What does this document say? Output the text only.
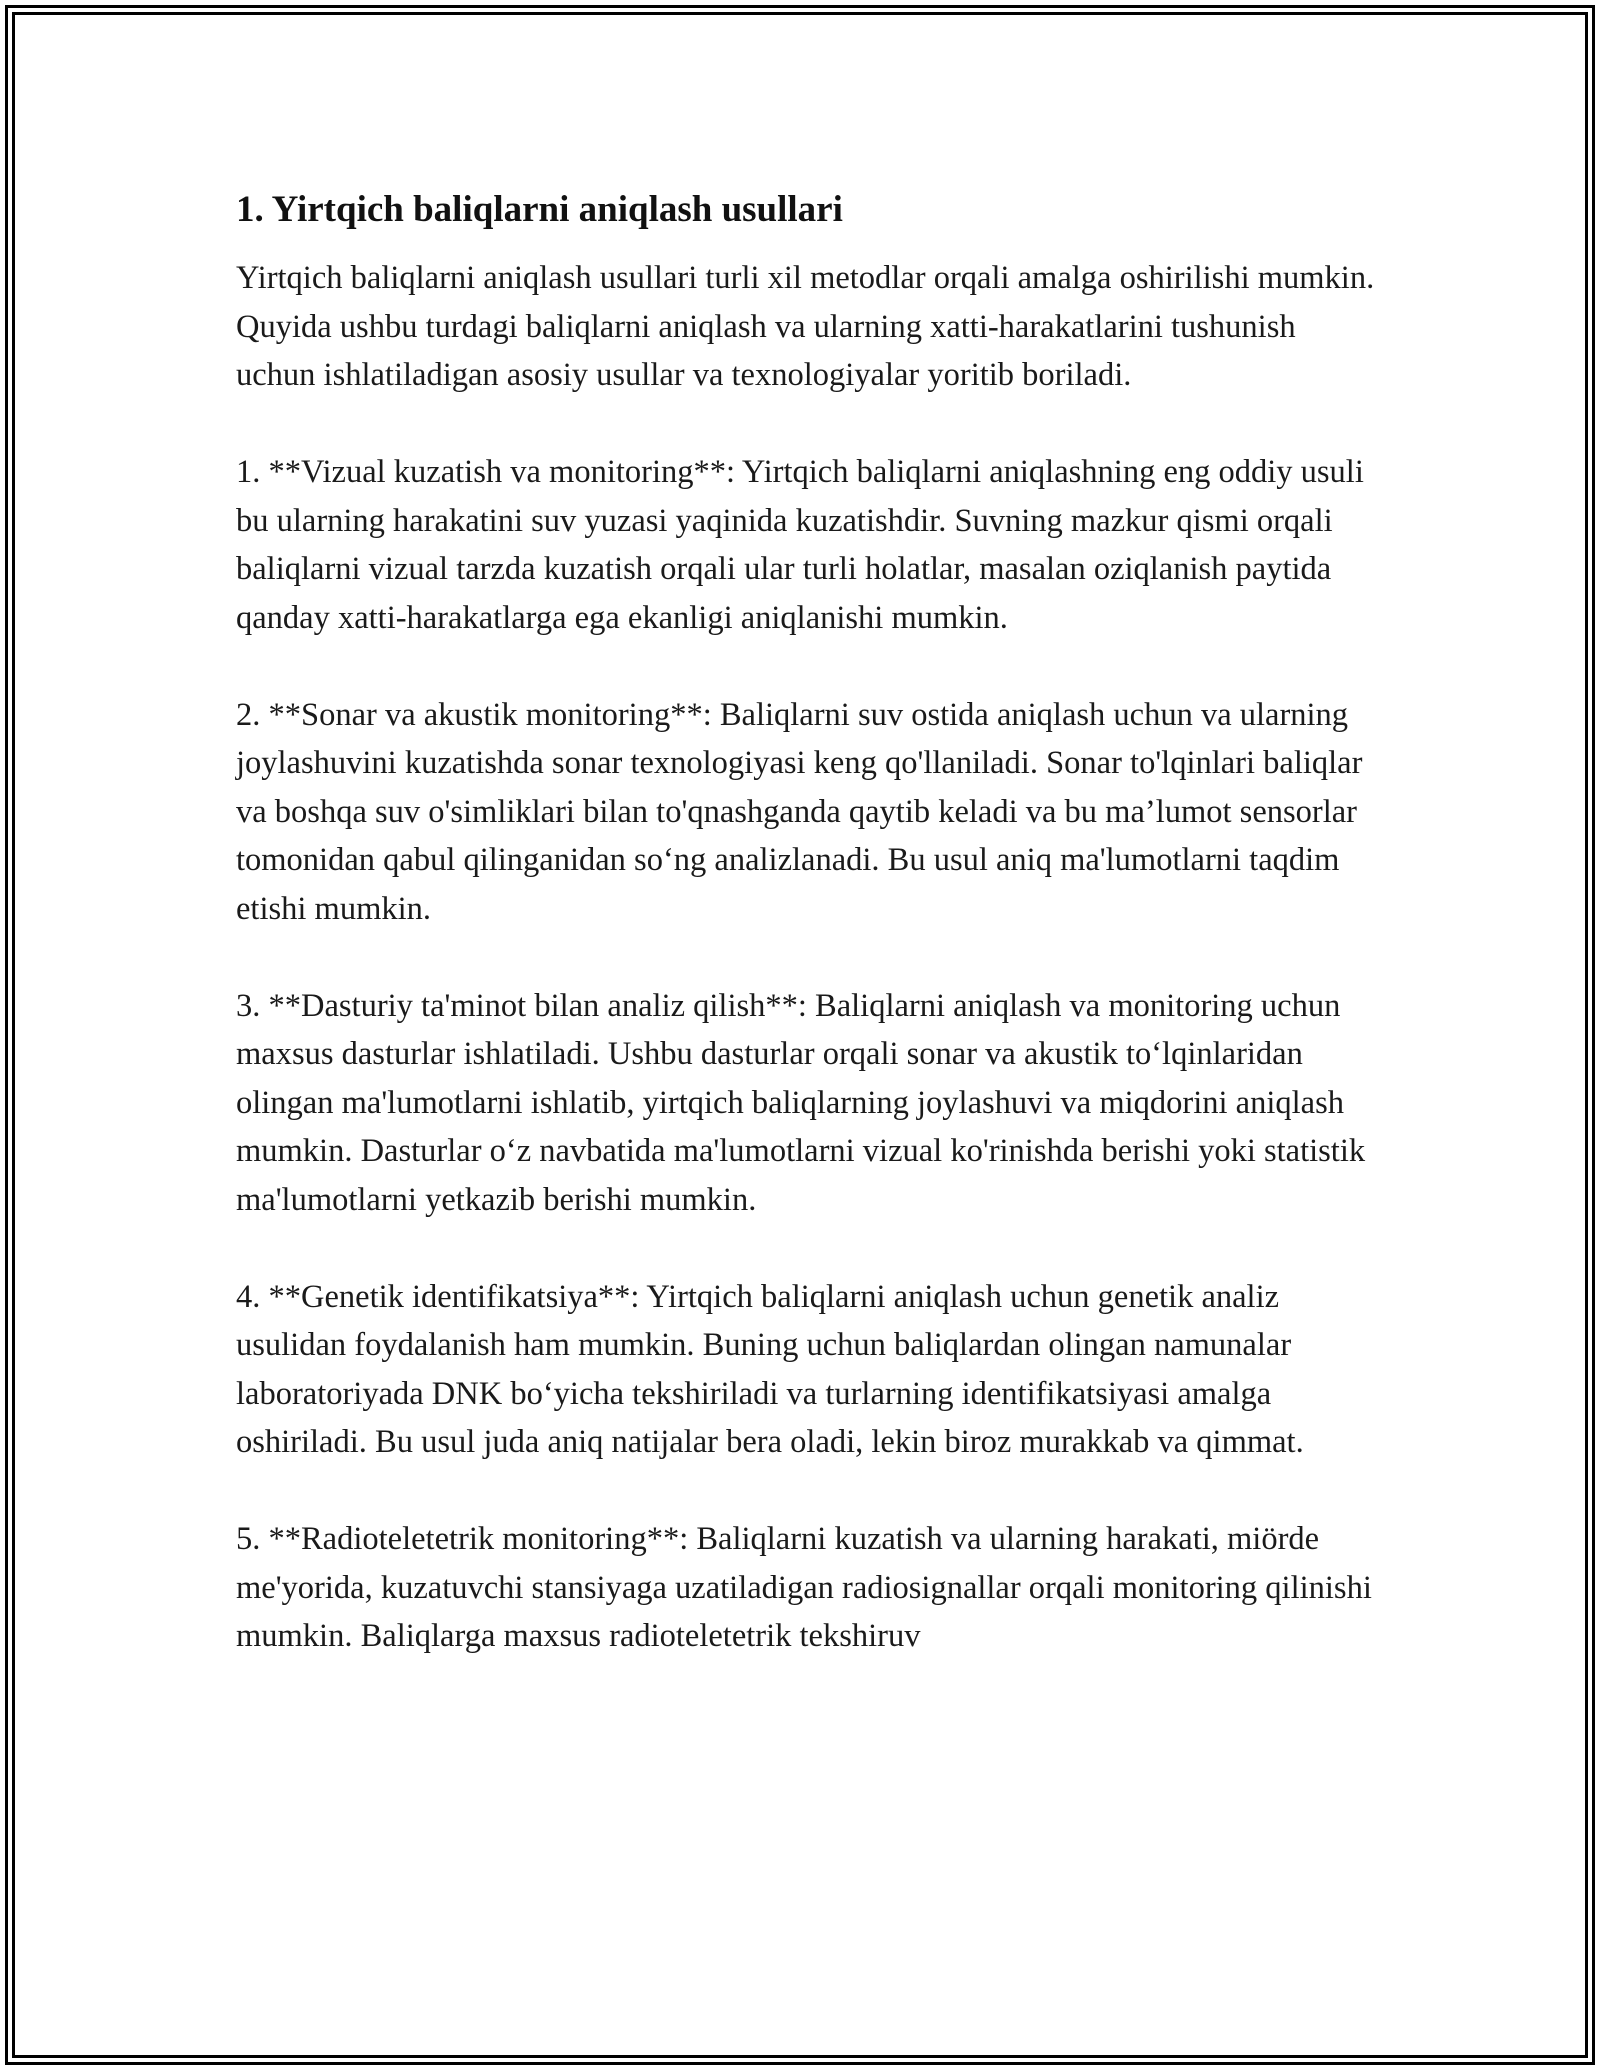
1. Yirtqich baliqlarni aniqlash usullari

Yirtqich baliqlarni aniqlash usullari turli xil metodlar orqali amalga oshirilishi mumkin. Quyida ushbu turdagi baliqlarni aniqlash va ularning xatti-harakatlarini tushunish uchun ishlatiladigan asosiy usullar va texnologiyalar yoritib boriladi.

1. **Vizual kuzatish va monitoring**: Yirtqich baliqlarni aniqlashning eng oddiy usuli bu ularning harakatini suv yuzasi yaqinida kuzatishdir. Suvning mazkur qismi orqali baliqlarni vizual tarzda kuzatish orqali ular turli holatlar, masalan oziqlanish paytida qanday xatti-harakatlarga ega ekanligi aniqlanishi mumkin.

2. **Sonar va akustik monitoring**: Baliqlarni suv ostida aniqlash uchun va ularning joylashuvini kuzatishda sonar texnologiyasi keng qo'llaniladi. Sonar to'lqinlari baliqlar va boshqa suv o'simliklari bilan to'qnashganda qaytib keladi va bu ma’lumot sensorlar tomonidan qabul qilinganidan so‘ng analizlanadi. Bu usul aniq ma'lumotlarni taqdim etishi mumkin.

3. **Dasturiy ta'minot bilan analiz qilish**: Baliqlarni aniqlash va monitoring uchun maxsus dasturlar ishlatiladi. Ushbu dasturlar orqali sonar va akustik to‘lqinlaridan olingan ma'lumotlarni ishlatib, yirtqich baliqlarning joylashuvi va miqdorini aniqlash mumkin. Dasturlar o‘z navbatida ma'lumotlarni vizual ko'rinishda berishi yoki statistik ma'lumotlarni yetkazib berishi mumkin.

4. **Genetik identifikatsiya**: Yirtqich baliqlarni aniqlash uchun genetik analiz usulidan foydalanish ham mumkin. Buning uchun baliqlardan olingan namunalar laboratoriyada DNK bo‘yicha tekshiriladi va turlarning identifikatsiyasi amalga oshiriladi. Bu usul juda aniq natijalar bera oladi, lekin biroz murakkab va qimmat.

5. **Radioteletetrik monitoring**: Baliqlarni kuzatish va ularning harakati, miörde me'yorida, kuzatuvchi stansiyaga uzatiladigan radiosignallar orqali monitoring qilinishi mumkin. Baliqlarga maxsus radioteletetrik tekshiruv
